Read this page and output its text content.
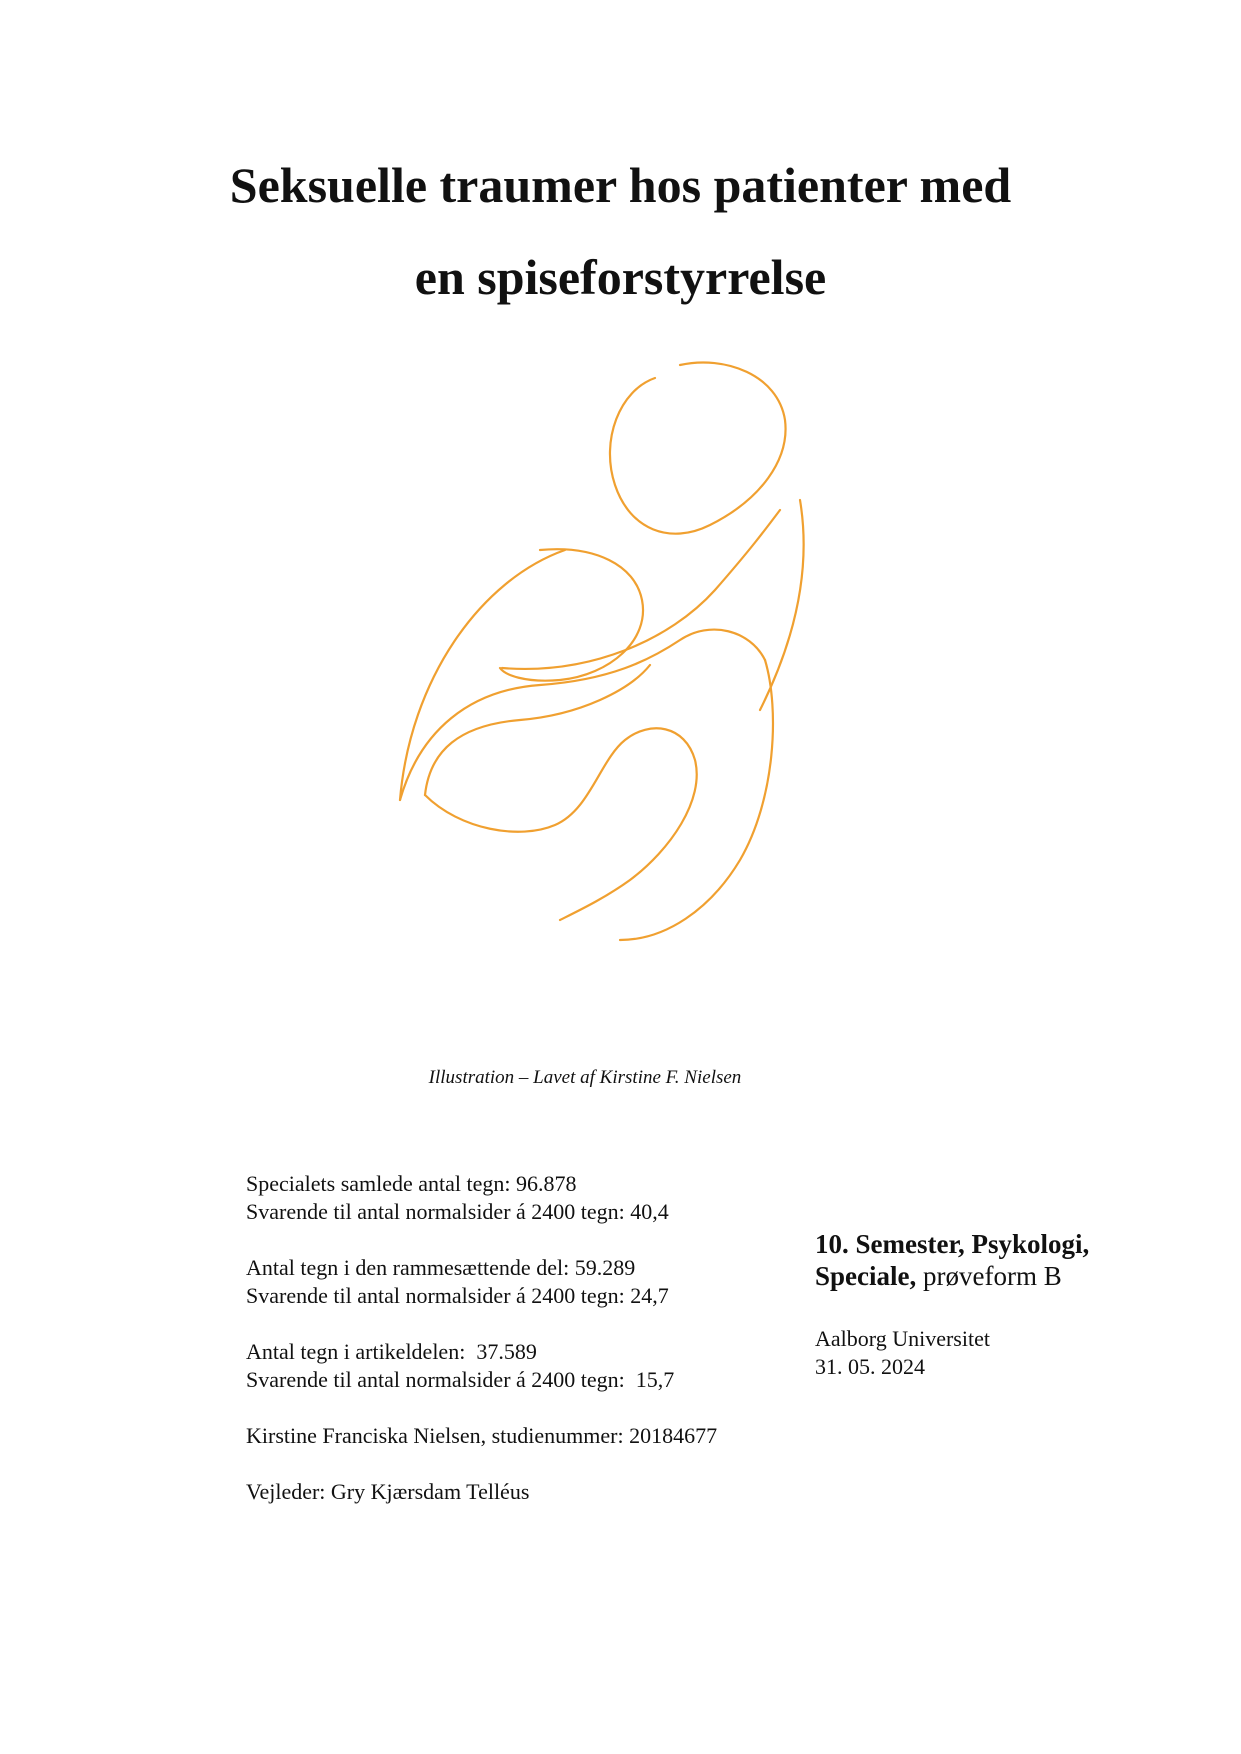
Seksuelle traumer hos patienter med
en spiseforstyrrelse
Illustration – Lavet af Kirstine F. Nielsen

Specialets samlede antal tegn: 96.878

Svarende til antal normalsider á 2400 tegn: 40,4

Antal tegn i den rammesættende del: 59.289

Svarende til antal normalsider á 2400 tegn: 24,7

Antal tegn i artikeldelen:  37.589

Svarende til antal normalsider á 2400 tegn:  15,7

Kirstine Franciska Nielsen, studienummer: 20184677

Vejleder: Gry Kjærsdam Telléus

10. Semester, Psykologi,

Speciale, prøveform B

Aalborg Universitet

31. 05. 2024
